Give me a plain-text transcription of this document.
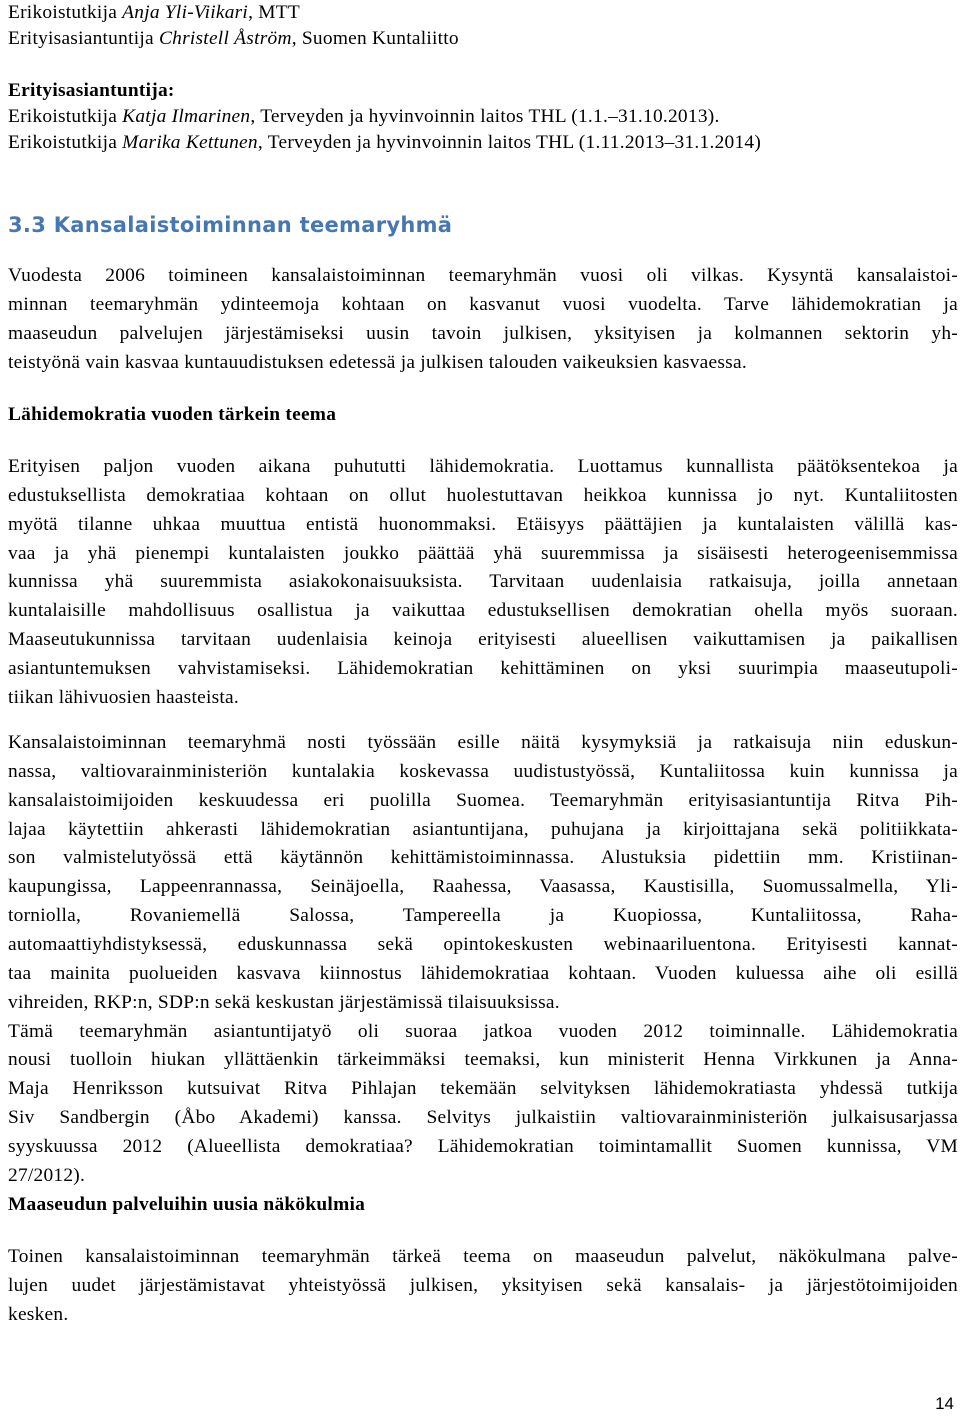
Erikoistutkija Anja Yli-Viikari, MTT
Erityisasiantuntija Christell Åström, Suomen Kuntaliitto
Erityisasiantuntija:
Erikoistutkija Katja Ilmarinen, Terveyden ja hyvinvoinnin laitos THL (1.1.–31.10.2013).
Erikoistutkija Marika Kettunen, Terveyden ja hyvinvoinnin laitos THL (1.11.2013–31.1.2014)
3.3 Kansalaistoiminnan teemaryhmä
Vuodesta 2006 toimineen kansalaistoiminnan teemaryhmän vuosi oli vilkas. Kysyntä kansalaistoi-
minnan teemaryhmän ydinteemoja kohtaan on kasvanut vuosi vuodelta. Tarve lähidemokratian ja
maaseudun palvelujen järjestämiseksi uusin tavoin julkisen, yksityisen ja kolmannen sektorin yh-
teistyönä vain kasvaa kuntauudistuksen edetessä ja julkisen talouden vaikeuksien kasvaessa.
Lähidemokratia vuoden tärkein teema
Erityisen paljon vuoden aikana puhututti lähidemokratia. Luottamus kunnallista päätöksentekoa ja
edustuksellista demokratiaa kohtaan on ollut huolestuttavan heikkoa kunnissa jo nyt. Kuntaliitosten
myötä tilanne uhkaa muuttua entistä huonommaksi. Etäisyys päättäjien ja kuntalaisten välillä kas-
vaa ja yhä pienempi kuntalaisten joukko päättää yhä suuremmissa ja sisäisesti heterogeenisemmissa
kunnissa yhä suuremmista asiakokonaisuuksista. Tarvitaan uudenlaisia ratkaisuja, joilla annetaan
kuntalaisille mahdollisuus osallistua ja vaikuttaa edustuksellisen demokratian ohella myös suoraan.
Maaseutukunnissa tarvitaan uudenlaisia keinoja erityisesti alueellisen vaikuttamisen ja paikallisen
asiantuntemuksen vahvistamiseksi. Lähidemokratian kehittäminen on yksi suurimpia maaseutupoli-
tiikan lähivuosien haasteista.
Kansalaistoiminnan teemaryhmä nosti työssään esille näitä kysymyksiä ja ratkaisuja niin eduskun-
nassa, valtiovarainministeriön kuntalakia koskevassa uudistustyössä, Kuntaliitossa kuin kunnissa ja
kansalaistoimijoiden keskuudessa eri puolilla Suomea. Teemaryhmän erityisasiantuntija Ritva Pih-
lajaa käytettiin ahkerasti lähidemokratian asiantuntijana, puhujana ja kirjoittajana sekä politiikkata-
son valmistelutyössä että käytännön kehittämistoiminnassa. Alustuksia pidettiin mm. Kristiinan-
kaupungissa, Lappeenrannassa, Seinäjoella, Raahessa, Vaasassa, Kaustisilla, Suomussalmella, Yli-
torniolla, Rovaniemellä Salossa, Tampereella ja Kuopiossa, Kuntaliitossa, Raha-
automaattiyhdistyksessä, eduskunnassa sekä opintokeskusten webinaariluentona. Erityisesti kannat-
taa mainita puolueiden kasvava kiinnostus lähidemokratiaa kohtaan. Vuoden kuluessa aihe oli esillä
vihreiden, RKP:n, SDP:n sekä keskustan järjestämissä tilaisuuksissa.
Tämä teemaryhmän asiantuntijatyö oli suoraa jatkoa vuoden 2012 toiminnalle. Lähidemokratia
nousi tuolloin hiukan yllättäenkin tärkeimmäksi teemaksi, kun ministerit Henna Virkkunen ja Anna-
Maja Henriksson kutsuivat Ritva Pihlajan tekemään selvityksen lähidemokratiasta yhdessä tutkija
Siv Sandbergin (Åbo Akademi) kanssa. Selvitys julkaistiin valtiovarainministeriön julkaisusarjassa
syyskuussa 2012 (Alueellista demokratiaa? Lähidemokratian toimintamallit Suomen kunnissa, VM
27/2012).
Maaseudun palveluihin uusia näkökulmia
Toinen kansalaistoiminnan teemaryhmän tärkeä teema on maaseudun palvelut, näkökulmana palve-
lujen uudet järjestämistavat yhteistyössä julkisen, yksityisen sekä kansalais- ja järjestötoimijoiden
kesken.
14
